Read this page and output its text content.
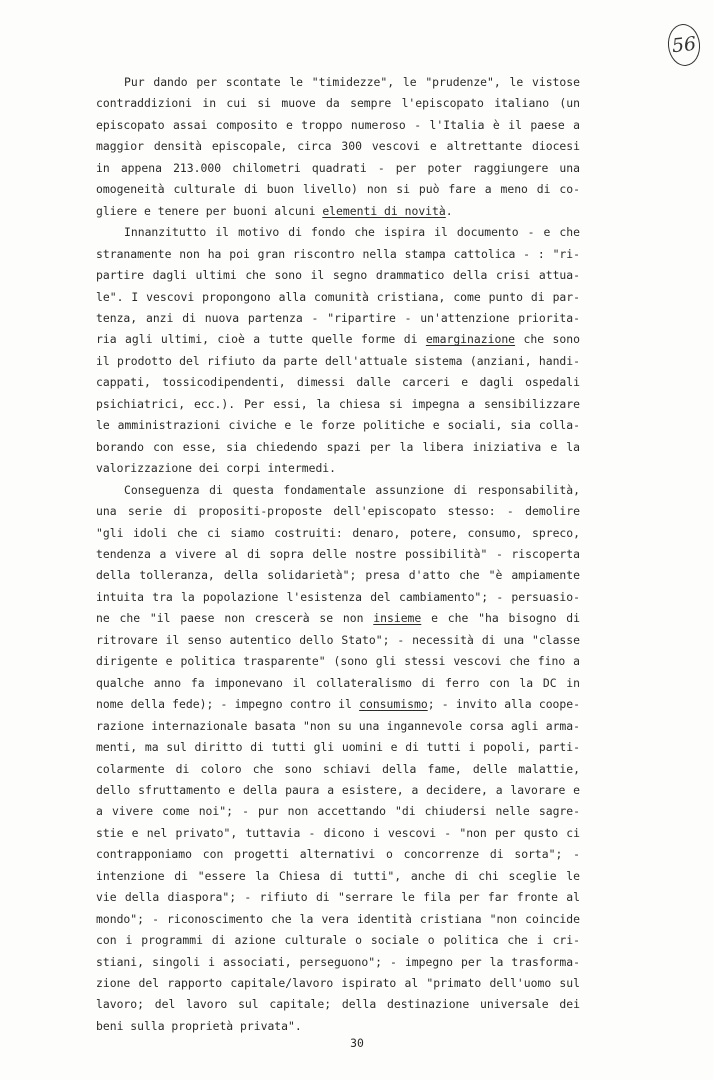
56
Pur dando per scontate le "timidezze", le "prudenze", le vistose
contraddizioni in cui si muove da sempre l'episcopato italiano (un
episcopato assai composito e troppo numeroso - l'Italia è il paese a
maggior densità episcopale, circa 300 vescovi e altrettante diocesi
in appena 213.000 chilometri quadrati - per poter raggiungere una
omogeneità culturale di buon livello) non si può fare a meno di co-
gliere e tenere per buoni alcuni elementi di novità.
Innanzitutto il motivo di fondo che ispira il documento - e che
stranamente non ha poi gran riscontro nella stampa cattolica - : "ri-
partire dagli ultimi che sono il segno drammatico della crisi attua-
le". I vescovi propongono alla comunità cristiana, come punto di par-
tenza, anzi di nuova partenza - "ripartire - un'attenzione priorita-
ria agli ultimi, cioè a tutte quelle forme di emarginazione che sono
il prodotto del rifiuto da parte dell'attuale sistema (anziani, handi-
cappati, tossicodipendenti, dimessi dalle carceri e dagli ospedali
psichiatrici, ecc.). Per essi, la chiesa si impegna a sensibilizzare
le amministrazioni civiche e le forze politiche e sociali, sia colla-
borando con esse, sia chiedendo spazi per la libera iniziativa e la
valorizzazione dei corpi intermedi.
Conseguenza di questa fondamentale assunzione di responsabilità,
una serie di propositi-proposte dell'episcopato stesso: - demolire
"gli idoli che ci siamo costruiti: denaro, potere, consumo, spreco,
tendenza a vivere al di sopra delle nostre possibilità" - riscoperta
della tolleranza, della solidarietà"; presa d'atto che "è ampiamente
intuita tra la popolazione l'esistenza del cambiamento"; - persuasio-
ne che "il paese non crescerà se non insieme e che "ha bisogno di
ritrovare il senso autentico dello Stato"; - necessità di una "classe
dirigente e politica trasparente" (sono gli stessi vescovi che fino a
qualche anno fa imponevano il collateralismo di ferro con la DC in
nome della fede); - impegno contro il consumismo; - invito alla coope-
razione internazionale basata "non su una ingannevole corsa agli arma-
menti, ma sul diritto di tutti gli uomini e di tutti i popoli, parti-
colarmente di coloro che sono schiavi della fame, delle malattie,
dello sfruttamento e della paura a esistere, a decidere, a lavorare e
a vivere come noi"; - pur non accettando "di chiudersi nelle sagre-
stie e nel privato", tuttavia - dicono i vescovi - "non per qusto ci
contrapponiamo con progetti alternativi o concorrenze di sorta"; -
intenzione di "essere la Chiesa di tutti", anche di chi sceglie le
vie della diaspora"; - rifiuto di "serrare le fila per far fronte al
mondo"; - riconoscimento che la vera identità cristiana "non coincide
con i programmi di azione culturale o sociale o politica che i cri-
stiani, singoli i associati, perseguono"; - impegno per la trasforma-
zione del rapporto capitale/lavoro ispirato al "primato dell'uomo sul
lavoro; del lavoro sul capitale; della destinazione universale dei
beni sulla proprietà privata".
30
